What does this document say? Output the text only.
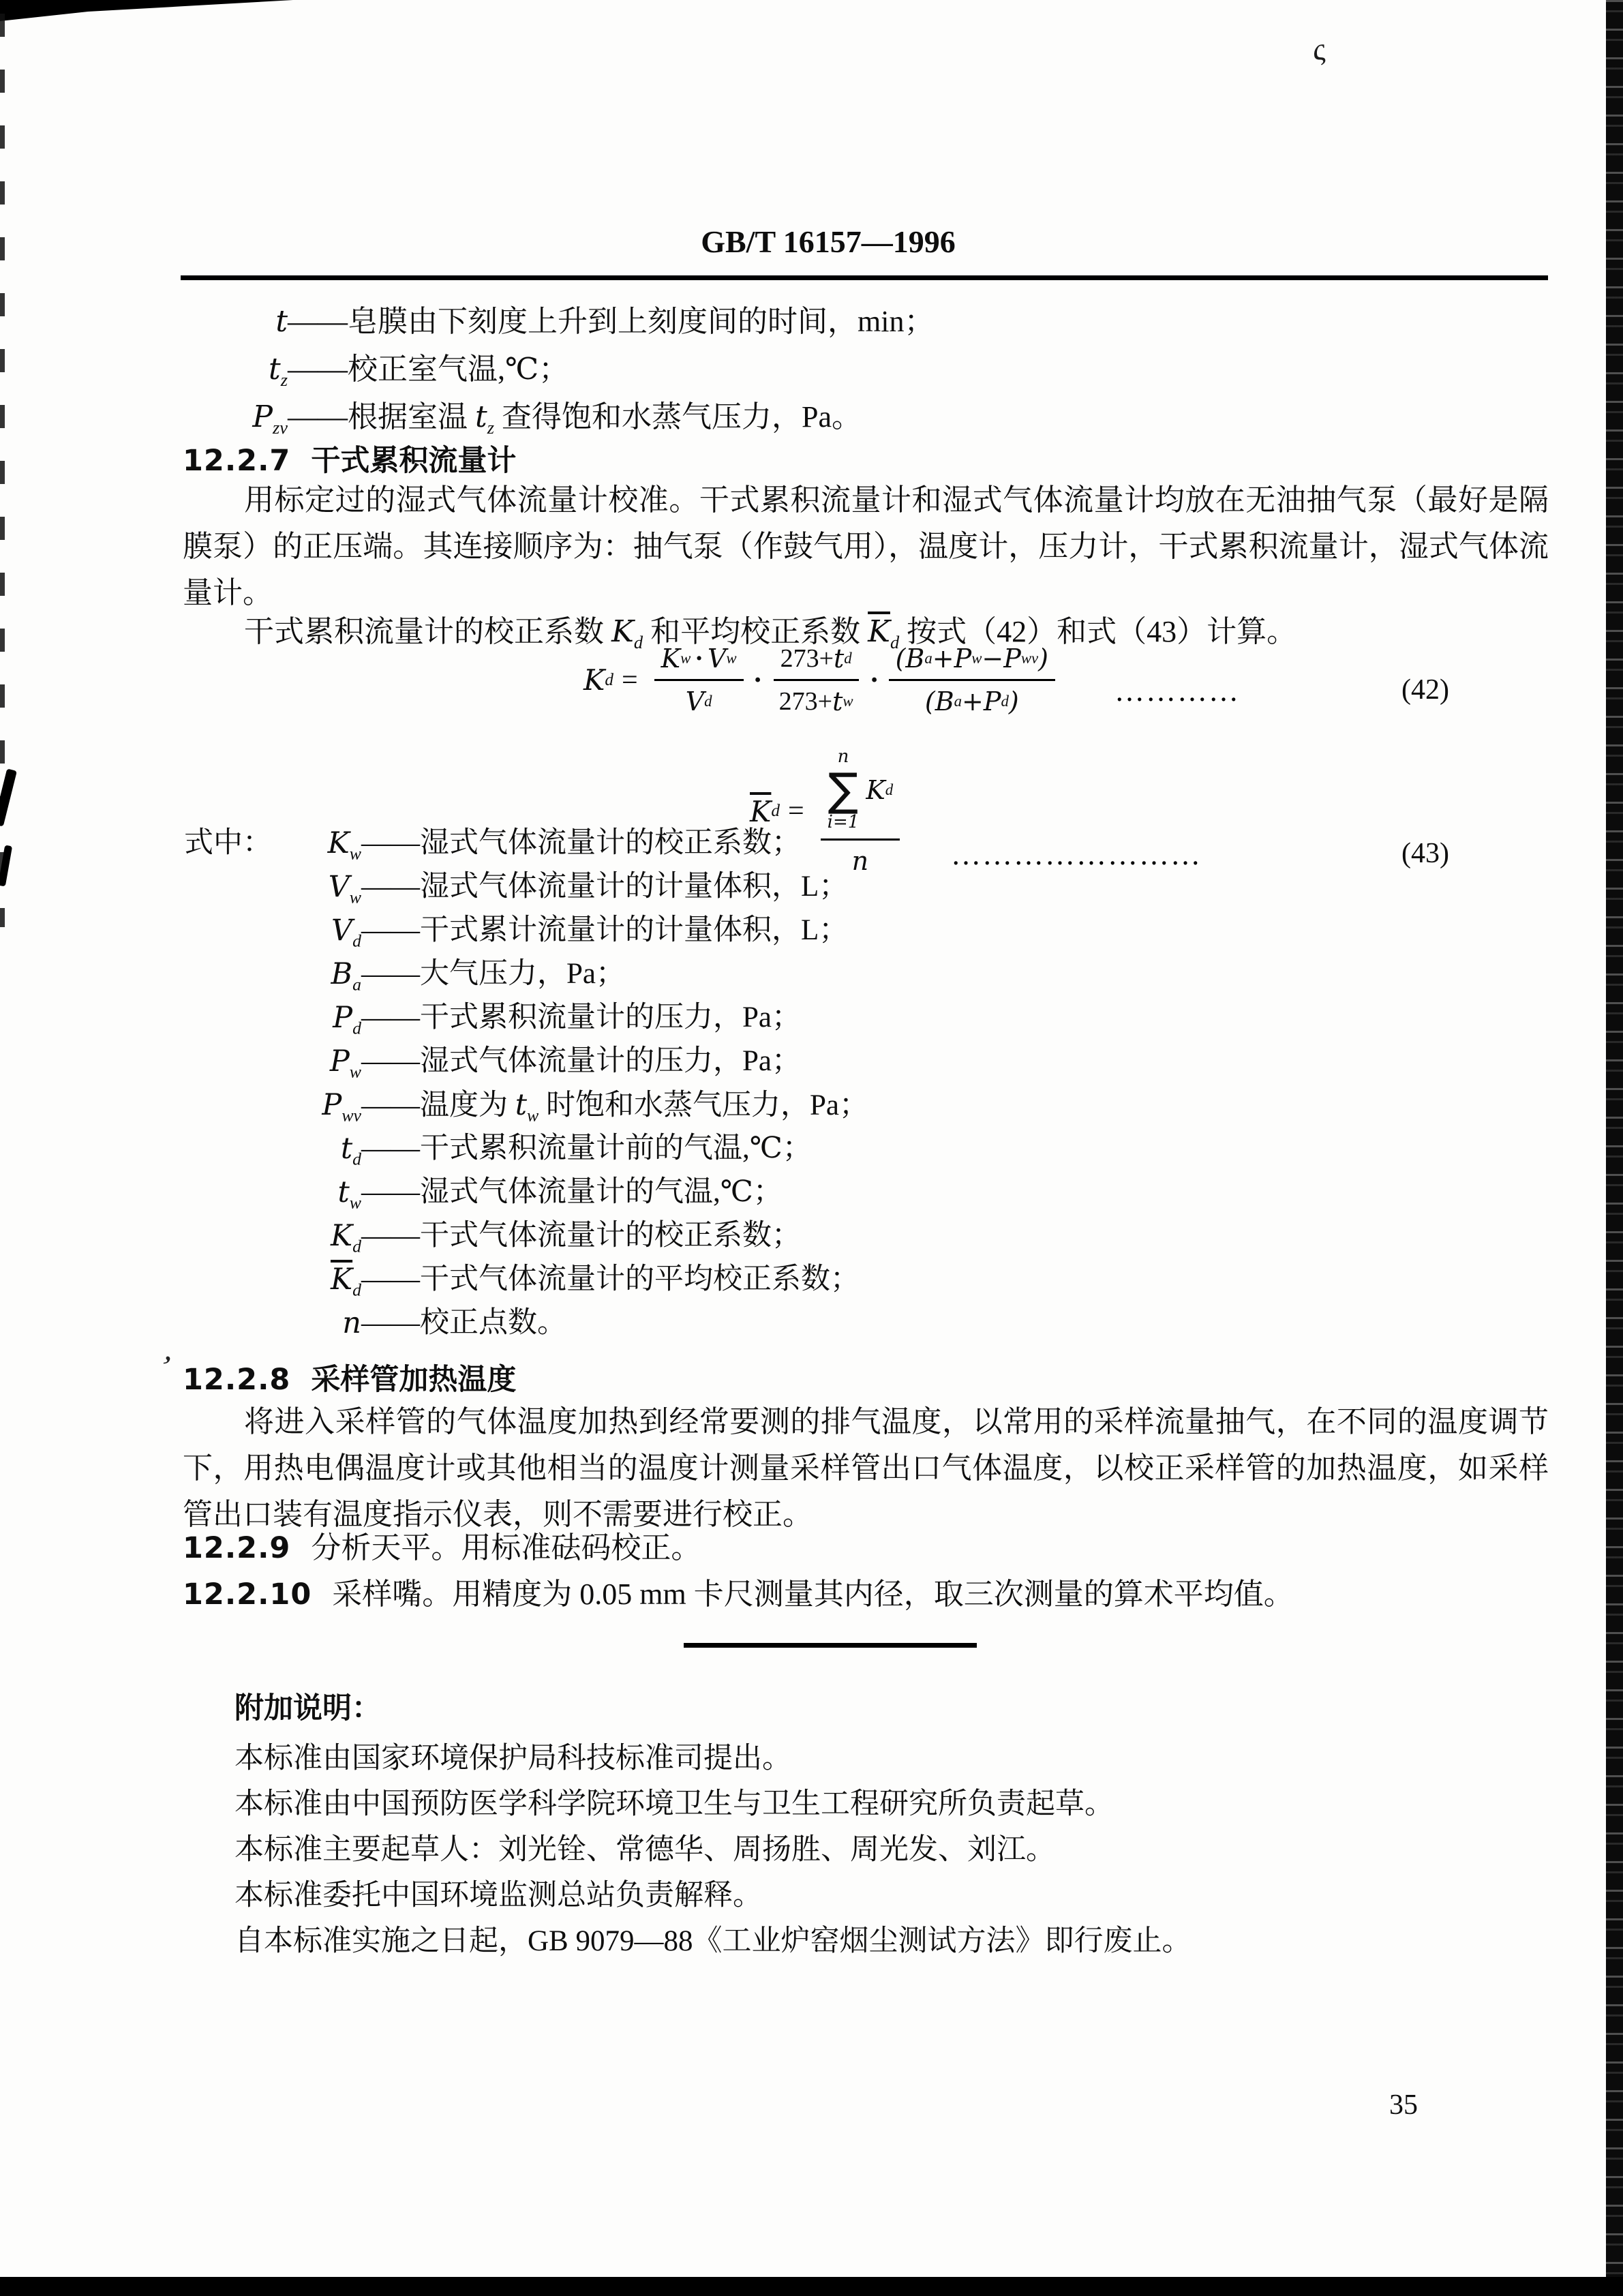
ς
’
GB/T 16157—1996
t ——皂膜由下刻度上升到上刻度间的时间，min；
$t_z$ ——校正室气温,℃；
$P_{zv}$ ——根据室温 $t_z$ 查得饱和水蒸气压力，Pa。
12.2.7 干式累积流量计
用标定过的湿式气体流量计校准。干式累积流量计和湿式气体流量计均放在无油抽气泵（最好是隔膜泵）的正压端。其连接顺序为：抽气泵（作鼓气用），温度计，压力计，干式累积流量计，湿式气体流量计。
干式累积流量计的校正系数 $K_d$ 和平均校正系数 $\overline{K}_d$ 按式（42）和式（43）计算。
K $d = \frac{\text{K w · V w}}{\text{V d}} \cdot \frac{\text{273+ t d}}{\text{273+ t w}} \cdot \frac{\text{(B a +P w −P wv )}}{\text{(B a +P d )}}$ …………	(42)
$\overline{K}$ d = n
∑
i=1
K d
n ……………………	(43)
式中：	$K_w$ ——湿式气体流量计的校正系数；
$V_w$ ——湿式气体流量计的计量体积，L；
$V_d$ ——干式累计流量计的计量体积，L；
$B_a$ ——大气压力，Pa；
$P_d$ ——干式累积流量计的压力，Pa；
$P_w$ ——湿式气体流量计的压力，Pa；
$P_{wv}$ ——温度为 $t_w$ 时饱和水蒸气压力，Pa；
$t_d$ ——干式累积流量计前的气温,℃；
$t_w$ ——湿式气体流量计的气温,℃；
$K_d$ ——干式气体流量计的校正系数；
$\overline{K}_d$ ——干式气体流量计的平均校正系数；
n ——校正点数。
12.2.8 采样管加热温度
将进入采样管的气体温度加热到经常要测的排气温度，以常用的采样流量抽气，在不同的温度调节下，用热电偶温度计或其他相当的温度计测量采样管出口气体温度，以校正采样管的加热温度，如采样管出口装有温度指示仪表，则不需要进行校正。
12.2.9 分析天平。用标准砝码校正。
12.2.10 采样嘴。用精度为 0.05 mm 卡尺测量其内径，取三次测量的算术平均值。
附加说明：
本标准由国家环境保护局科技标准司提出。
本标准由中国预防医学科学院环境卫生与卫生工程研究所负责起草。
本标准主要起草人：刘光铨、常德华、周扬胜、周光发、刘江。
本标准委托中国环境监测总站负责解释。
自本标准实施之日起，GB 9079—88《工业炉窑烟尘测试方法》即行废止。
35
